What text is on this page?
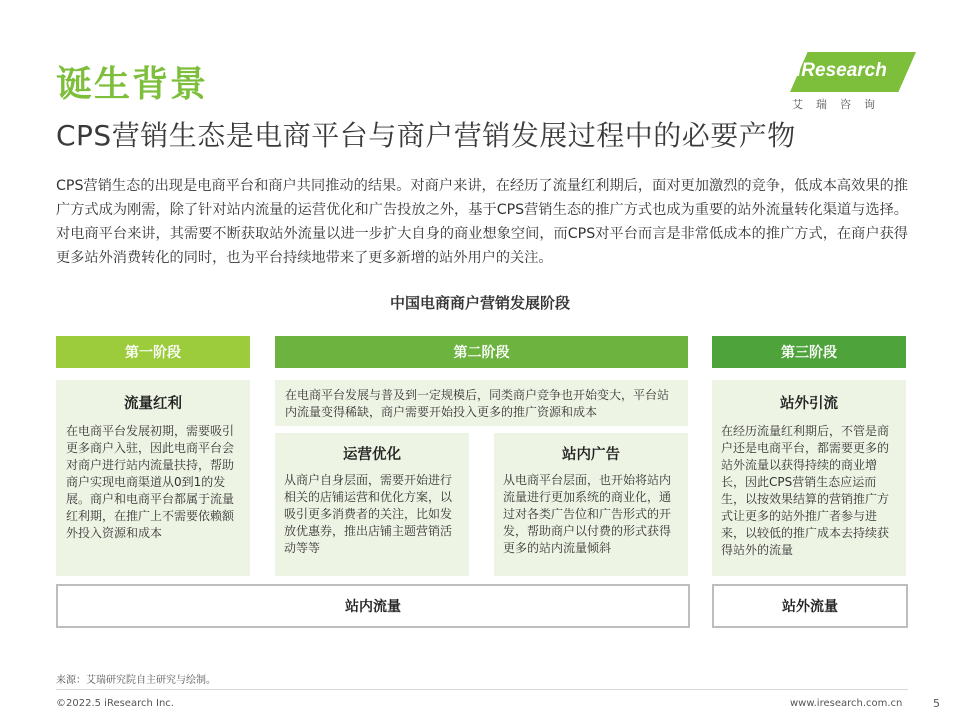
诞生背景
CPS营销生态是电商平台与商户营销发展过程中的必要产物
iResearch
艾瑞咨询
CPS营销生态的出现是电商平台和商户共同推动的结果。对商户来讲，在经历了流量红利期后，面对更加激烈的竞争，低成本高效果的推广方式成为刚需，除了针对站内流量的运营优化和广告投放之外，基于CPS营销生态的推广方式也成为重要的站外流量转化渠道与选择。对电商平台来讲，其需要不断获取站外流量以进一步扩大自身的商业想象空间，而CPS对平台而言是非常低成本的推广方式，在商户获得更多站外消费转化的同时，也为平台持续地带来了更多新增的站外用户的关注。
中国电商商户营销发展阶段
第一阶段
流量红利
在电商平台发展初期，需要吸引更多商户入驻，因此电商平台会对商户进行站内流量扶持，帮助商户实现电商渠道从0到1的发展。商户和电商平台都属于流量红利期，在推广上不需要依赖额外投入资源和成本
第二阶段
在电商平台发展与普及到一定规模后，同类商户竞争也开始变大，平台站内流量变得稀缺，商户需要开始投入更多的推广资源和成本
运营优化
从商户自身层面，需要开始进行相关的店铺运营和优化方案，以吸引更多消费者的关注，比如发放优惠券，推出店铺主题营销活动等等
站内广告
从电商平台层面，也开始将站内流量进行更加系统的商业化，通过对各类广告位和广告形式的开发，帮助商户以付费的形式获得更多的站内流量倾斜
第三阶段
站外引流
在经历流量红利期后，不管是商户还是电商平台，都需要更多的站外流量以获得持续的商业增长，因此CPS营销生态应运而生，以按效果结算的营销推广方式让更多的站外推广者参与进来，以较低的推广成本去持续获得站外的流量
站内流量	站外流量
来源：艾瑞研究院自主研究与绘制。
©2022.5 iResearch Inc.	www.iresearch.com.cn	5
